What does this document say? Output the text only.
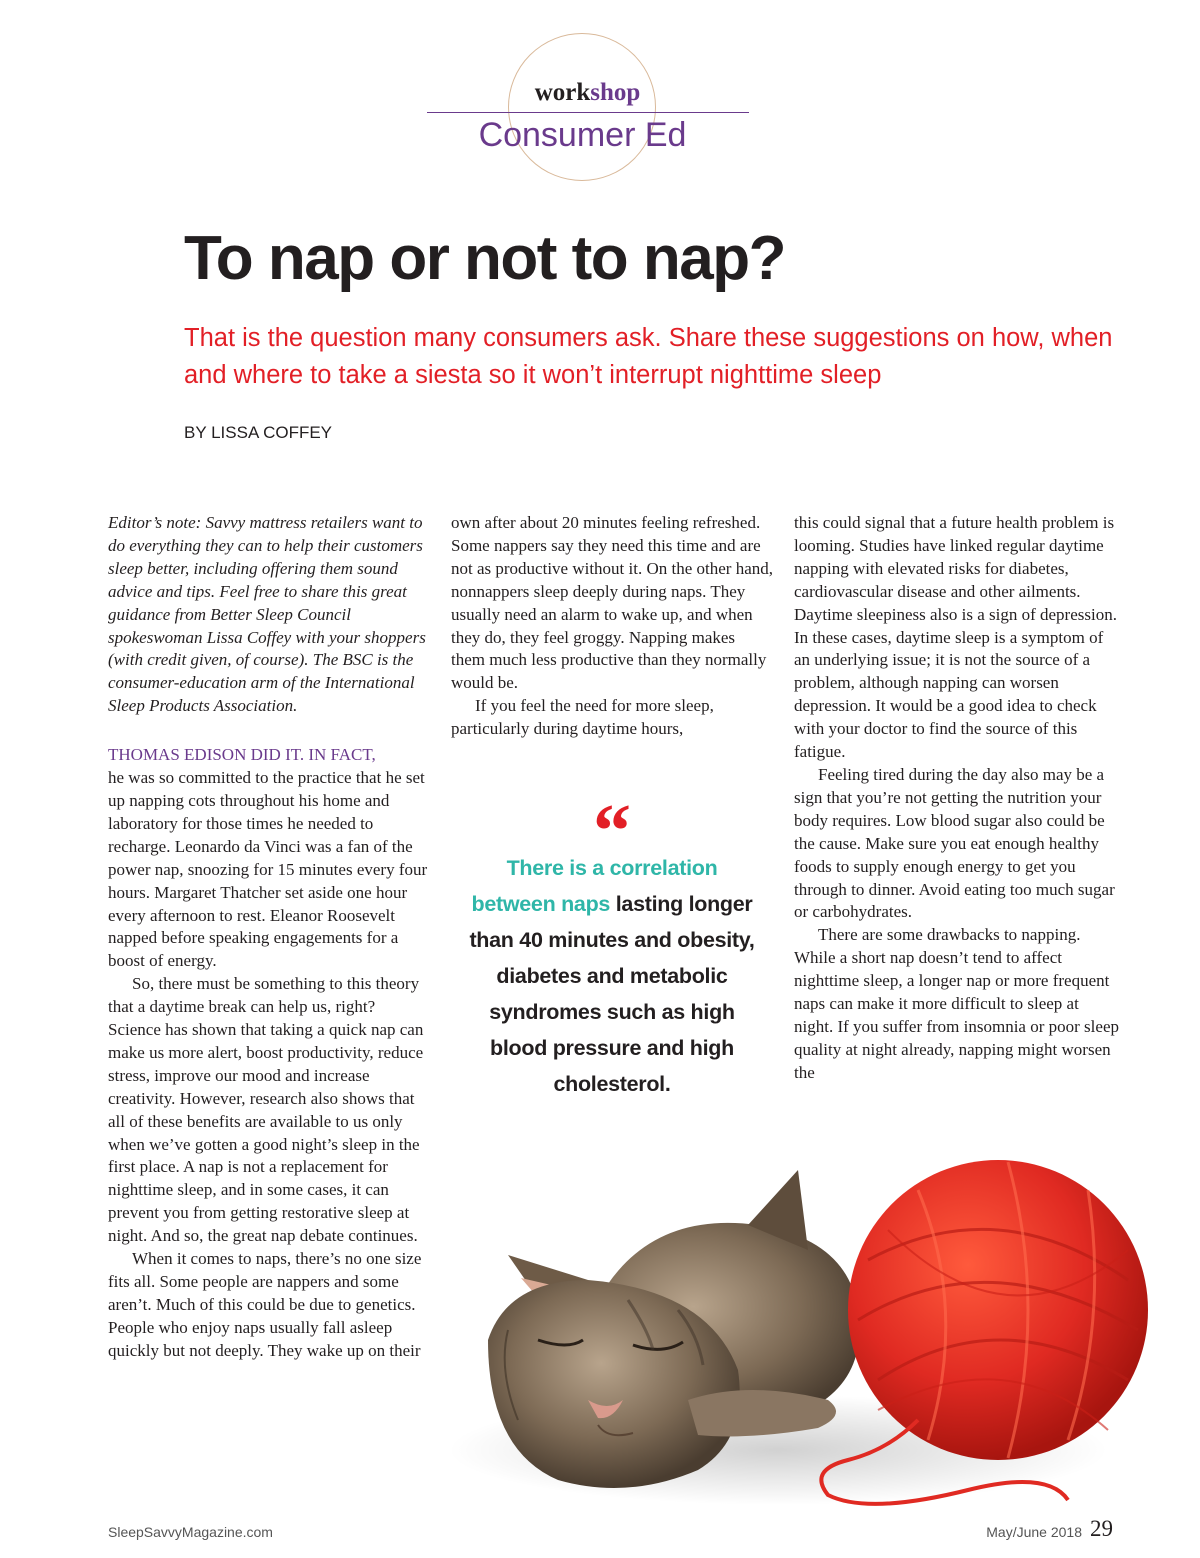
workshop
Consumer Ed
To nap or not to nap?

That is the question many consumers ask. Share these suggestions on how, when and where to take a siesta so it won’t interrupt nighttime sleep

BY LISSA COFFEY

Editor’s note: Savvy mattress retailers want to do everything they can to help their customers sleep better, including offering them sound advice and tips. Feel free to share this great guidance from Better Sleep Council spokeswoman Lissa Coffey with your shoppers (with credit given, of course). The BSC is the consumer-education arm of the International Sleep Products Association.

THOMAS EDISON DID IT. IN FACT,

he was so committed to the practice that he set up napping cots throughout his home and laboratory for those times he needed to recharge. Leonardo da Vinci was a fan of the power nap, snoozing for 15 minutes every four hours. Margaret Thatcher set aside one hour every afternoon to rest. Eleanor Roosevelt napped before speaking engagements for a boost of energy.

So, there must be something to this theory that a daytime break can help us, right? Science has shown that taking a quick nap can make us more alert, boost productivity, reduce stress, improve our mood and increase creativity. However, research also shows that all of these benefits are available to us only when we’ve gotten a good night’s sleep in the first place. A nap is not a replacement for nighttime sleep, and in some cases, it can prevent you from getting restorative sleep at night. And so, the great nap debate continues.

When it comes to naps, there’s no one size fits all. Some people are nappers and some aren’t. Much of this could be due to genetics. People who enjoy naps usually fall asleep quickly but not deeply. They wake up on their

own after about 20 minutes feeling refreshed. Some nappers say they need this time and are not as productive without it. On the other hand, nonnappers sleep deeply during naps. They usually need an alarm to wake up, and when they do, they feel groggy. Napping makes them much less productive than they normally would be.

If you feel the need for more sleep, particularly during daytime hours,

“

There is a correlation between naps lasting longer than 40 minutes and obesity, diabetes and metabolic syndromes such as high blood pressure and high cholesterol.

this could signal that a future health problem is looming. Studies have linked regular daytime napping with elevated risks for diabetes, cardiovascular disease and other ailments. Daytime sleepiness also is a sign of depression. In these cases, daytime sleep is a symptom of an underlying issue; it is not the source of a problem, although napping can worsen depression. It would be a good idea to check with your doctor to find the source of this fatigue.

Feeling tired during the day also may be a sign that you’re not getting the nutrition your body requires. Low blood sugar also could be the cause. Make sure you eat enough healthy foods to supply enough energy to get you through to dinner. Avoid eating too much sugar or carbohydrates.

There are some drawbacks to napping. While a short nap doesn’t tend to affect nighttime sleep, a longer nap or more frequent naps can make it more difficult to sleep at night. If you suffer from insomnia or poor sleep quality at night already, napping might worsen the

SleepSavvyMagazine.com	May/June 2018 29
